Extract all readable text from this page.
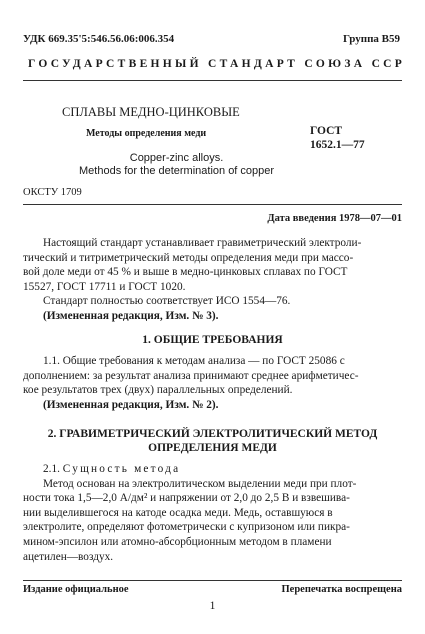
УДК 669.35'5:546.56.06:006.354	Группа В59
ГОСУДАРСТВЕННЫЙ СТАНДАРТ СОЮЗА ССР
СПЛАВЫ МЕДНО-ЦИНКОВЫЕ
Методы определения меди	ГОСТ
1652.1—77
Copper-zinc alloys.
Methods for the determination of copper
ОКСТУ 1709
Дата введения 1978—07—01
Настоящий стандарт устанавливает гравиметрический электроли-
тический и титриметрический методы определения меди при массо-
вой доле меди от 45 % и выше в медно-цинковых сплавах по ГОСТ
15527, ГОСТ 17711 и ГОСТ 1020.
Стандарт полностью соответствует ИСО 1554—76.
(Измененная редакция, Изм. № 3).
1. ОБЩИЕ ТРЕБОВАНИЯ
1.1. Общие требования к методам анализа — по ГОСТ 25086 с
дополнением: за результат анализа принимают среднее арифметичес-
кое результатов трех (двух) параллельных определений.
(Измененная редакция, Изм. № 2).
2. ГРАВИМЕТРИЧЕСКИЙ ЭЛЕКТРОЛИТИЧЕСКИЙ МЕТОД
ОПРЕДЕЛЕНИЯ МЕДИ
2.1. Сущность метода
Метод основан на электролитическом выделении меди при плот-
ности тока 1,5—2,0 А/дм² и напряжении от 2,0 до 2,5 В и взвешива-
нии выделившегося на катоде осадка меди. Медь, оставшуюся в
электролите, определяют фотометрически с купризоном или пикра-
мином-эпсилон или атомно-абсорбционным методом в пламени
ацетилен—воздух.
Издание официальное	Перепечатка воспрещена
1
